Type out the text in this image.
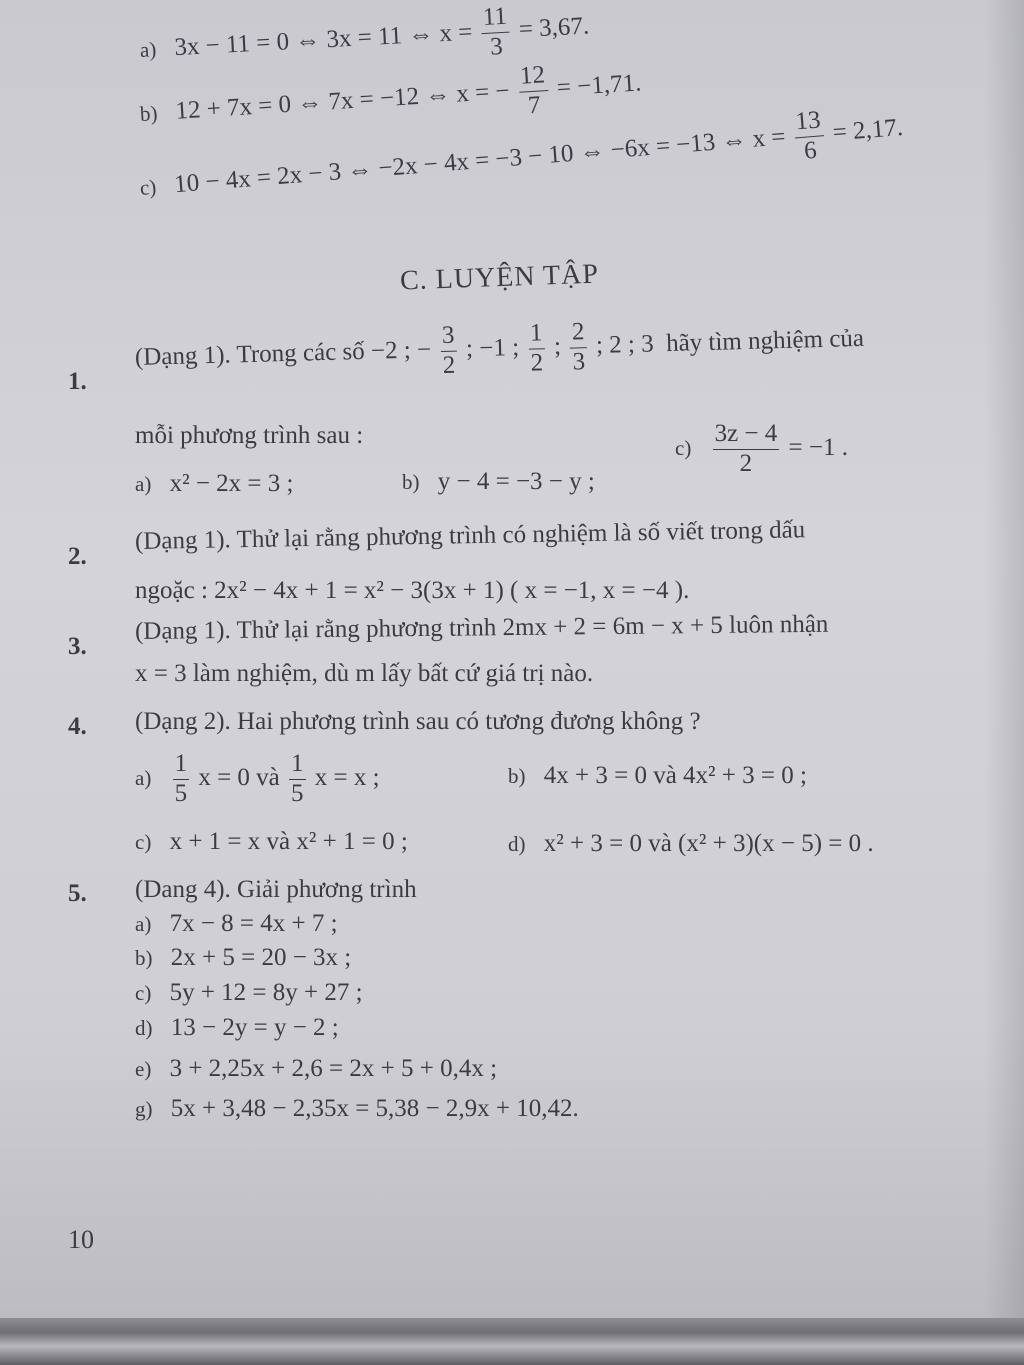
a) 3x − 11 = 0 ⇔ 3x = 11 ⇔ $x = \frac{11}{3} = 3,67$.
b) 12 + 7x = 0 ⇔ 7x = −12 ⇔ x = − $\frac{12}{7} = -1,71$.
c) 10 − 4x = 2x − 3 ⇔ −2x − 4x = −3 − 10 ⇔ −6x = −13 ⇔ $x = \frac{13}{6} = 2,17$.
C. LUYỆN TẬP
1.
(Dạng 1). Trong các số −2 ; − $\frac{3}{2}$ ; −1 ; $\frac{1}{2}$ ; $\frac{2}{3}$ ; 2 ; 3 hãy tìm nghiệm của
mỗi phương trình sau :
a) x² − 2x = 3 ;	b) y − 4 = −3 − y ;
$c) \frac{3z - 4}{2} = -1$ .
2.
(Dạng 1). Thử lại rằng phương trình có nghiệm là số viết trong dấu
ngoặc : 2x² − 4x + 1 = x² − 3(3x + 1) ( x = −1, x = −4 ).
3.
(Dạng 1). Thử lại rằng phương trình 2mx + 2 = 6m − x + 5 luôn nhận
x = 3 làm nghiệm, dù m lấy bất cứ giá trị nào.
4. (Dạng 2). Hai phương trình sau có tương đương không ?
$a) \frac{1}{5}$ x = 0 và $\frac{1}{5}$ x = x ;	b) 4x + 3 = 0 và 4x² + 3 = 0 ;
c) x + 1 = x và x² + 1 = 0 ;	d) x² + 3 = 0 và (x² + 3)(x − 5) = 0 .
5. (Dang 4). Giải phương trình
a) 7x − 8 = 4x + 7 ;
b) 2x + 5 = 20 − 3x ;
c) 5y + 12 = 8y + 27 ;
d) 13 − 2y = y − 2 ;
e) 3 + 2,25x + 2,6 = 2x + 5 + 0,4x ;
g) 5x + 3,48 − 2,35x = 5,38 − 2,9x + 10,42.
10
